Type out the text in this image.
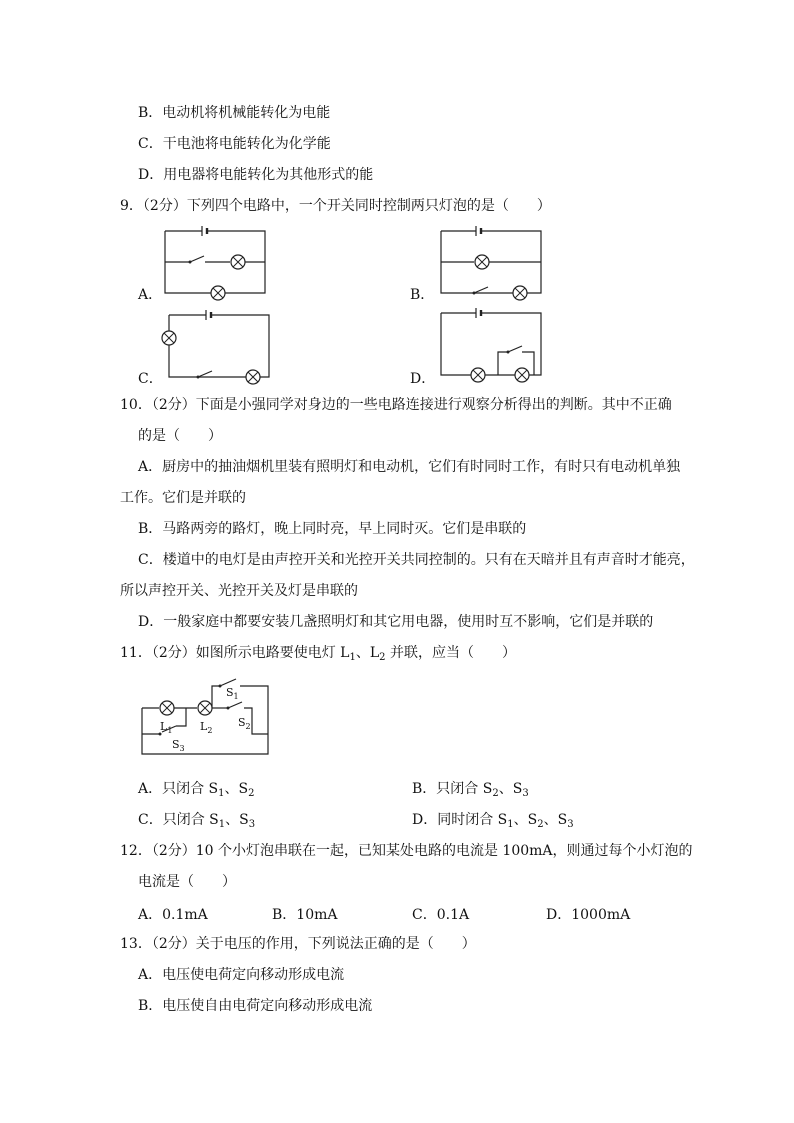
B．电动机将机械能转化为电能
C．干电池将电能转化为化学能
D．用电器将电能转化为其他形式的能
9．（2分）下列四个电路中，一个开关同时控制两只灯泡的是（　　）
A．	B．
C．	D．
10．（2分）下面是小强同学对身边的一些电路连接进行观察分析得出的判断。其中不正确
的是（　　）
A．厨房中的抽油烟机里装有照明灯和电动机，它们有时同时工作，有时只有电动机单独
工作。它们是并联的
B．马路两旁的路灯，晚上同时亮，早上同时灭。它们是串联的
C．楼道中的电灯是由声控开关和光控开关共同控制的。只有在天暗并且有声音时才能亮，
所以声控开关、光控开关及灯是串联的
D．一般家庭中都要安装几盏照明灯和其它用电器，使用时互不影响，它们是并联的
11．（2分）如图所示电路要使电灯 $L_1$、$L_2$ 并联，应当（　　）
$L_1$	$L_2$
$S_1$
$S_2$
$S_3$
A．只闭合 $S_1$、$S_2$	B．只闭合 $S_2$、$S_3$
C．只闭合 $S_1$、$S_3$	D．同时闭合 $S_1$、$S_2$、$S_3$
12．（2分）10 个小灯泡串联在一起，已知某处电路的电流是 100mA，则通过每个小灯泡的
电流是（　　）
A．0.1mA	B．10mA	C．0.1A	D．1000mA
13．（2分）关于电压的作用，下列说法正确的是（　　）
A．电压使电荷定向移动形成电流
B．电压使自由电荷定向移动形成电流
